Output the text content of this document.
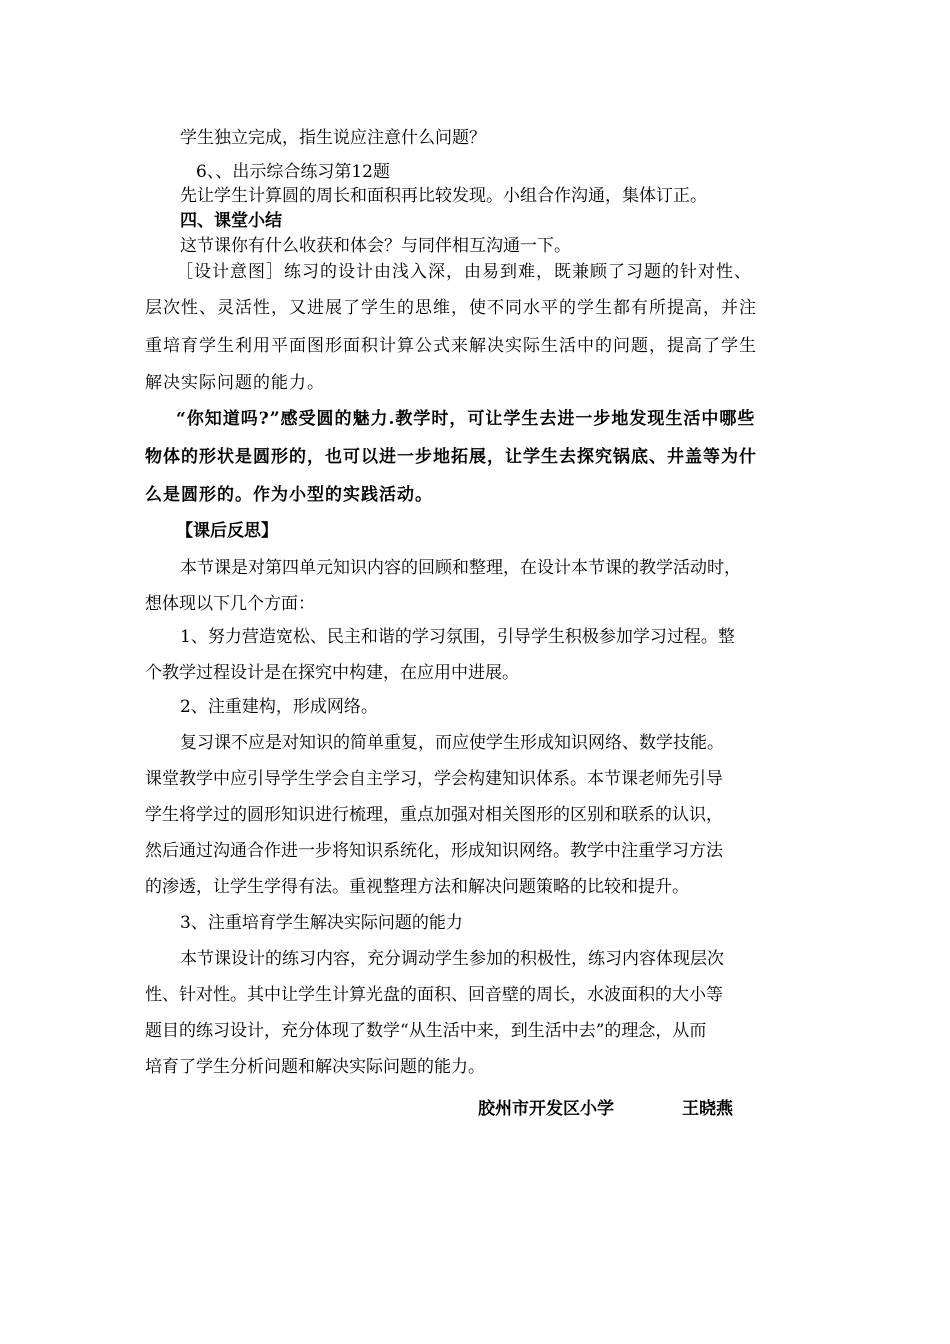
学生独立完成，指生说应注意什么问题？
6、、出示综合练习第12题
先让学生计算圆的周长和面积再比较发现。小组合作沟通，集体订正。
四、课堂小结
这节课你有什么收获和体会？与同伴相互沟通一下。
［设计意图］练习的设计由浅入深，由易到难，既兼顾了习题的针对性、
层次性、灵活性，又进展了学生的思维，使不同水平的学生都有所提高，并注
重培育学生利用平面图形面积计算公式来解决实际生活中的问题，提高了学生
解决实际问题的能力。
“你知道吗?”感受圆的魅力.教学时，可让学生去进一步地发现生活中哪些
物体的形状是圆形的，也可以进一步地拓展，让学生去探究锅底、井盖等为什
么是圆形的。作为小型的实践活动。
【课后反思】
本节课是对第四单元知识内容的回顾和整理，在设计本节课的教学活动时，
想体现以下几个方面：
1、努力营造宽松、民主和谐的学习氛围，引导学生积极参加学习过程。整
个教学过程设计是在探究中构建，在应用中进展。
2、注重建构，形成网络。
复习课不应是对知识的简单重复，而应使学生形成知识网络、数学技能。
课堂教学中应引导学生学会自主学习，学会构建知识体系。本节课老师先引导
学生将学过的圆形知识进行梳理，重点加强对相关图形的区别和联系的认识，
然后通过沟通合作进一步将知识系统化，形成知识网络。教学中注重学习方法
的渗透，让学生学得有法。重视整理方法和解决问题策略的比较和提升。
3、注重培育学生解决实际问题的能力
本节课设计的练习内容，充分调动学生参加的积极性，练习内容体现层次
性、针对性。其中让学生计算光盘的面积、回音壁的周长，水波面积的大小等
题目的练习设计，充分体现了数学“从生活中来，到生活中去”的理念，从而
培育了学生分析问题和解决实际问题的能力。
胶州市开发区小学	王晓燕
